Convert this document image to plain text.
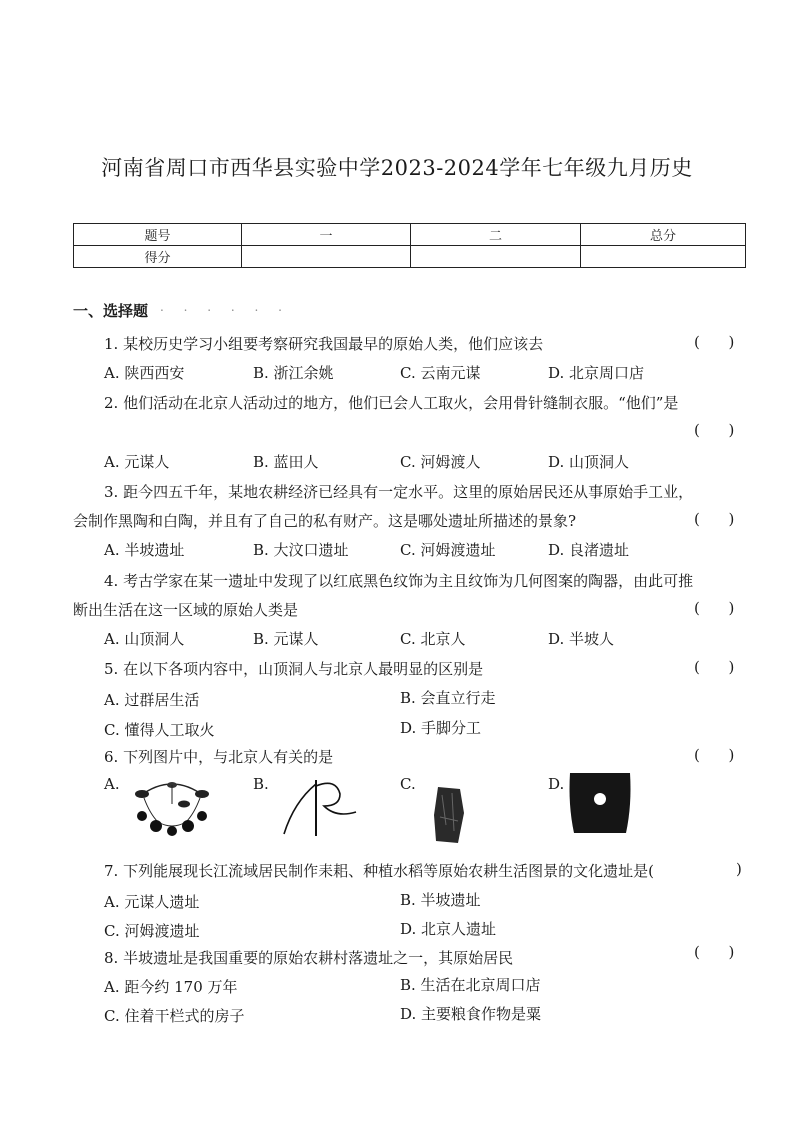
河南省周口市西华县实验中学2023-2024学年七年级九月历史
题号	一	二	总分
得分			
一、选择题 . . . . . .
1. 某校历史学习小组要考察研究我国最早的原始人类，他们应该去	(      )
A. 陕西西安	B. 浙江余姚	C. 云南元谋	D. 北京周口店
2. 他们活动在北京人活动过的地方，他们已会人工取火，会用骨针缝制衣服。“他们”是
(      )
A. 元谋人	B. 蓝田人	C. 河姆渡人	D. 山顶洞人
3. 距今四五千年，某地农耕经济已经具有一定水平。这里的原始居民还从事原始手工业，
会制作黑陶和白陶，并且有了自己的私有财产。这是哪处遗址所描述的景象?	(      )
A. 半坡遗址	B. 大汶口遗址	C. 河姆渡遗址	D. 良渚遗址
4. 考古学家在某一遗址中发现了以红底黑色纹饰为主且纹饰为几何图案的陶器，由此可推
断出生活在这一区域的原始人类是	(      )
A. 山顶洞人	B. 元谋人	C. 北京人	D. 半坡人
5. 在以下各项内容中，山顶洞人与北京人最明显的区别是	(      )
A. 过群居生活	B. 会直立行走
C. 懂得人工取火	D. 手脚分工
6. 下列图片中，与北京人有关的是	(      )
A.	B.	C.	D.
7. 下列能展现长江流域居民制作耒耜、种植水稻等原始农耕生活图景的文化遗址是(	)
A. 元谋人遗址	B. 半坡遗址
C. 河姆渡遗址	D. 北京人遗址
8. 半坡遗址是我国重要的原始农耕村落遗址之一，其原始居民	(      )
A. 距今约 170 万年	B. 生活在北京周口店
C. 住着干栏式的房子	D. 主要粮食作物是粟
